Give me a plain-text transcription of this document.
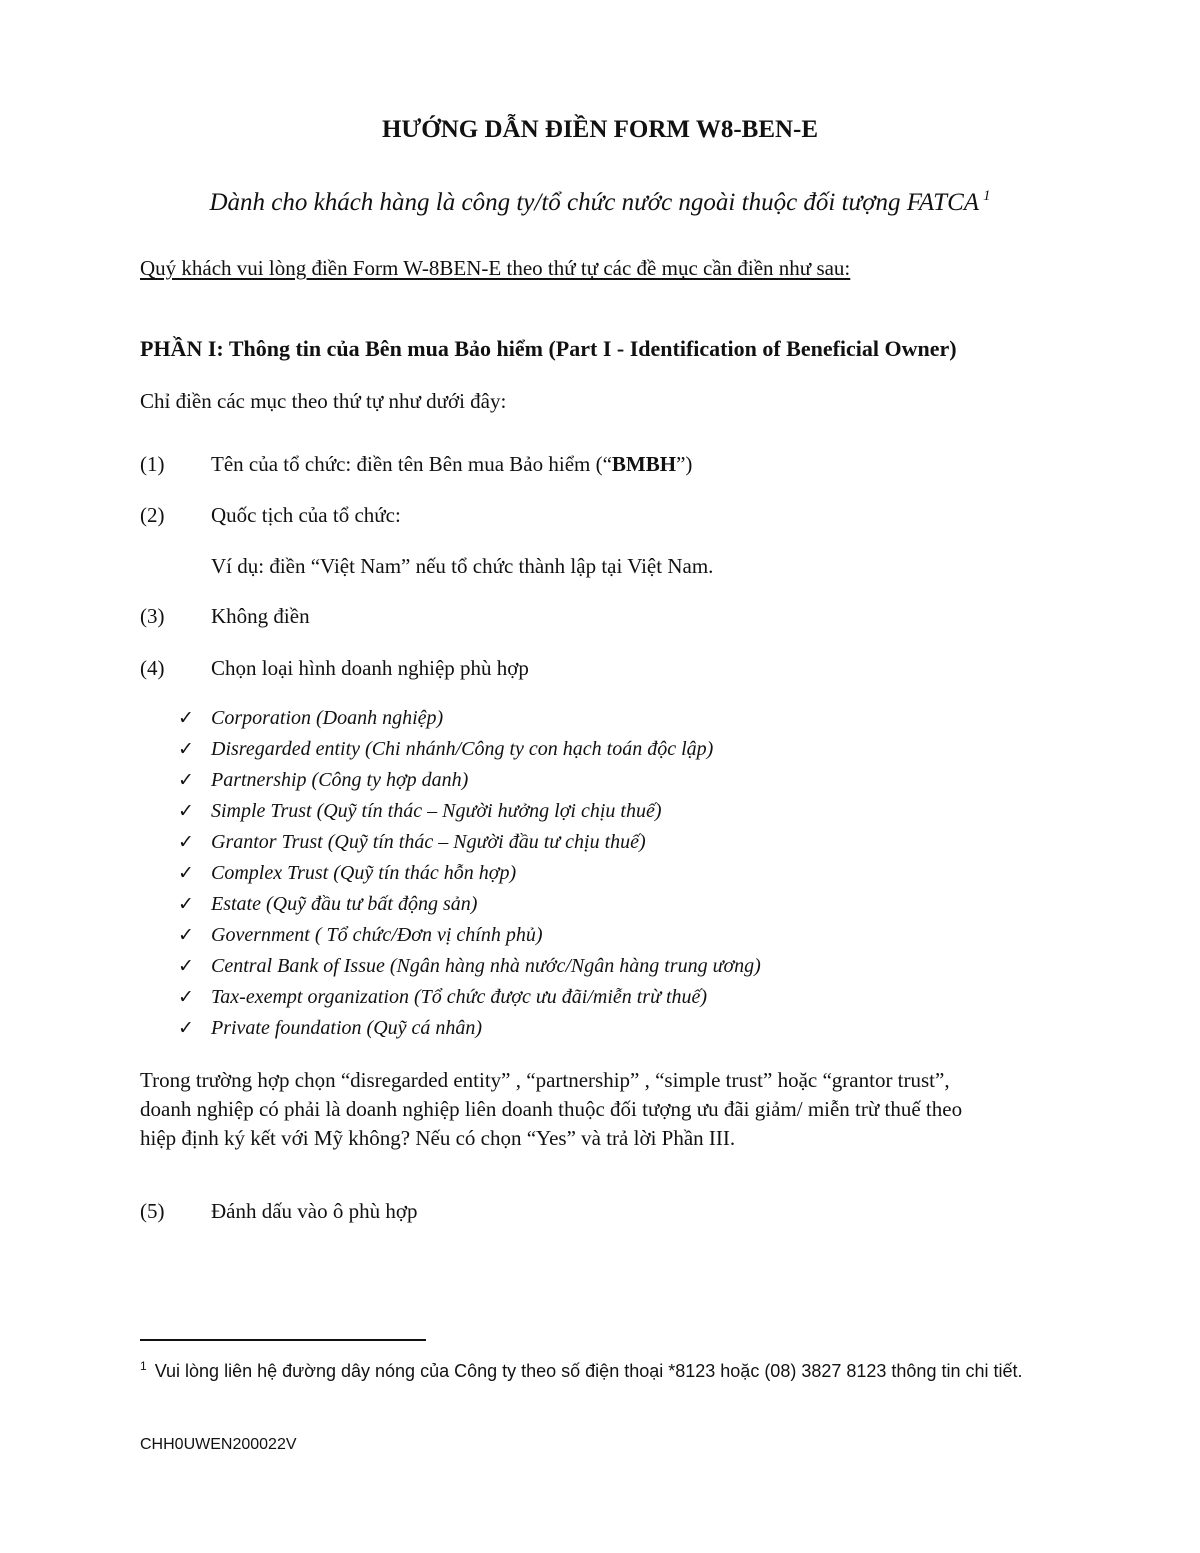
HƯỚNG DẪN ĐIỀN FORM W8-BEN-E
Dành cho khách hàng là công ty/tổ chức nước ngoài thuộc đối tượng FATCA $^1$
Quý khách vui lòng điền Form W-8BEN-E theo thứ tự các đề mục cần điền như sau:
PHẦN I: Thông tin của Bên mua Bảo hiểm (Part I - Identification of Beneficial Owner)
Chỉ điền các mục theo thứ tự như dưới đây:
(1) Tên của tổ chức: điền tên Bên mua Bảo hiểm (“BMBH”)
(2) Quốc tịch của tổ chức:
Ví dụ: điền “Việt Nam” nếu tổ chức thành lập tại Việt Nam.
(3) Không điền
(4) Chọn loại hình doanh nghiệp phù hợp
✓ Corporation (Doanh nghiệp)
✓ Disregarded entity (Chi nhánh/Công ty con hạch toán độc lập)
✓ Partnership (Công ty hợp danh)
✓ Simple Trust (Quỹ tín thác – Người hưởng lợi chịu thuế)
✓ Grantor Trust (Quỹ tín thác – Người đầu tư chịu thuế)
✓ Complex Trust (Quỹ tín thác hỗn hợp)
✓ Estate (Quỹ đầu tư bất động sản)
✓ Government ( Tổ chức/Đơn vị chính phủ)
✓ Central Bank of Issue (Ngân hàng nhà nước/Ngân hàng trung ương)
✓ Tax-exempt organization (Tổ chức được ưu đãi/miễn trừ thuế)
✓ Private foundation (Quỹ cá nhân)

Trong trường hợp chọn “disregarded entity” , “partnership” , “simple trust” hoặc “grantor trust”,

doanh nghiệp có phải là doanh nghiệp liên doanh thuộc đối tượng ưu đãi giảm/ miễn trừ thuế theo

hiệp định ký kết với Mỹ không? Nếu có chọn “Yes” và trả lời Phần III.

(5) Đánh dấu vào ô phù hợp
$^1$ Vui lòng liên hệ đường dây nóng của Công ty theo số điện thoại *8123 hoặc (08) 3827 8123 thông tin chi tiết.
CHH0UWEN200022V
